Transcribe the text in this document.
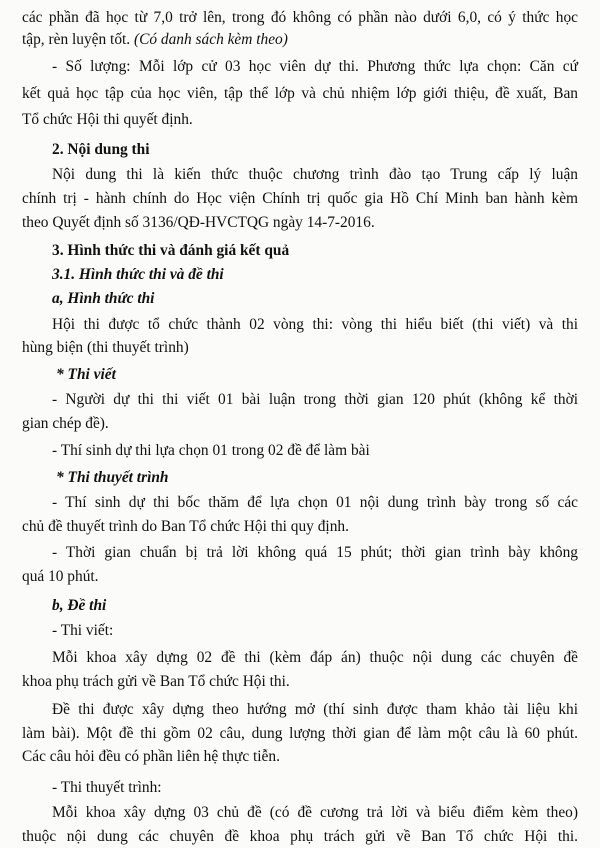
các phần đã học từ 7,0 trở lên, trong đó không có phần nào dưới 6,0, có ý thức học
tập, rèn luyện tốt. (Có danh sách kèm theo)
- Số lượng: Mỗi lớp cử 03 học viên dự thi. Phương thức lựa chọn: Căn cứ
kết quả học tập của học viên, tập thể lớp và chủ nhiệm lớp giới thiệu, đề xuất, Ban
Tổ chức Hội thi quyết định.
2. Nội dung thi
Nội dung thi là kiến thức thuộc chương trình đào tạo Trung cấp lý luận
chính trị - hành chính do Học viện Chính trị quốc gia Hồ Chí Minh ban hành kèm
theo Quyết định số 3136/QĐ-HVCTQG ngày 14-7-2016.
3. Hình thức thi và đánh giá kết quả
3.1. Hình thức thi và đề thi
a, Hình thức thi
Hội thi được tổ chức thành 02 vòng thi: vòng thi hiểu biết (thi viết) và thi
hùng biện (thi thuyết trình)
* Thi viết
- Người dự thi thi viết 01 bài luận trong thời gian 120 phút (không kể thời
gian chép đề).
- Thí sinh dự thi lựa chọn 01 trong 02 đề để làm bài
* Thi thuyết trình
- Thí sinh dự thi bốc thăm để lựa chọn 01 nội dung trình bày trong số các
chủ đề thuyết trình do Ban Tổ chức Hội thi quy định.
- Thời gian chuẩn bị trả lời không quá 15 phút; thời gian trình bày không
quá 10 phút.
b, Đề thi
- Thi viết:
Mỗi khoa xây dựng 02 đề thi (kèm đáp án) thuộc nội dung các chuyên đề
khoa phụ trách gửi về Ban Tổ chức Hội thi.
Đề thi được xây dựng theo hướng mở (thí sinh được tham khảo tài liệu khi
làm bài). Một đề thi gồm 02 câu, dung lượng thời gian để làm một câu là 60 phút.
Các câu hỏi đều có phần liên hệ thực tiễn.
- Thi thuyết trình:
Mỗi khoa xây dựng 03 chủ đề (có đề cương trả lời và biểu điểm kèm theo)
thuộc nội dung các chuyên đề khoa phụ trách gửi về Ban Tổ chức Hội thi.
